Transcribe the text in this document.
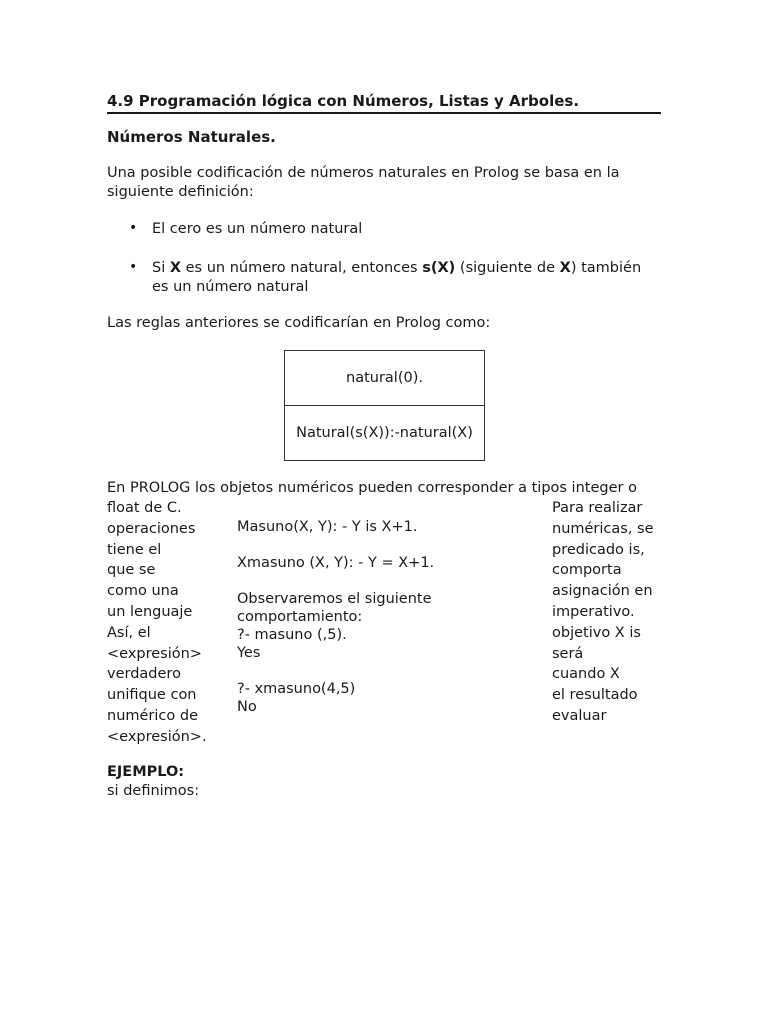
4.9 Programación lógica con Números, Listas y Arboles.
Números Naturales.
Una posible codificación de números naturales en Prolog se basa en la
siguiente definición:
• El cero es un número natural
• Si X es un número natural, entonces s(X) (siguiente de X) también
es un número natural
Las reglas anteriores se codificarían en Prolog como:
natural(0).
Natural(s(X)):-natural(X)
En PROLOG los objetos numéricos pueden corresponder a tipos integer o
float de C.
operaciones
tiene el
que se
como una
un lenguaje
Así, el
<expresión>
verdadero
unifique con
numérico de
<expresión>.
Masuno(X, Y): - Y is X+1.
Xmasuno (X, Y): - Y = X+1.
Observaremos el siguiente
comportamiento:
?- masuno (,5).
Yes
?- xmasuno(4,5)
No
Para realizar
numéricas, se
predicado is,
comporta
asignación en
imperativo.
objetivo X is
será
cuando X
el resultado
evaluar
EJEMPLO:
si definimos:
